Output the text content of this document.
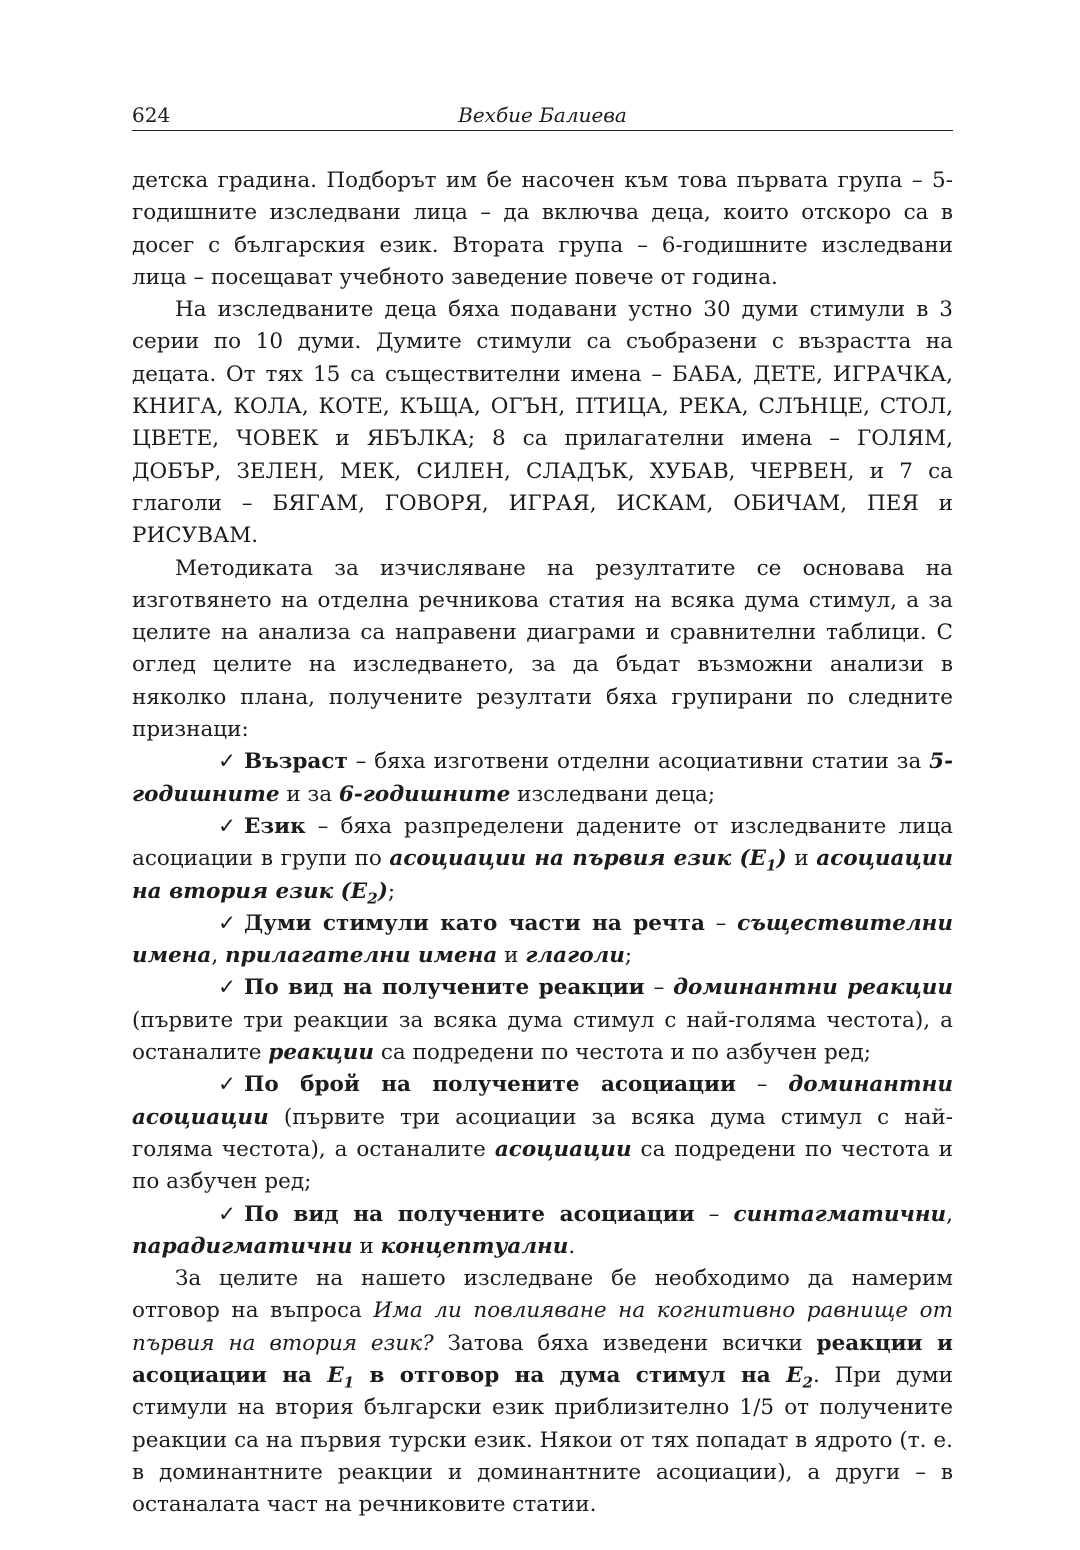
624	Вехбие Балиева

детска градина. Подборът им бе насочен към това първата група – 5-годишните изследвани лица – да включва деца, които отскоро са в досег с българския език. Втората група – 6-годишните изследвани лица – посещават учебното заведение повече от година.

На изследваните деца бяха подавани устно 30 думи стимули в 3 серии по 10 думи. Думите стимули са съобразени с възрастта на децата. От тях 15 са съществителни имена – БАБА, ДЕТЕ, ИГРАЧКА, КНИГА, КОЛА, КОТЕ, КЪЩА, ОГЪН, ПТИЦА, РЕКА, СЛЪНЦЕ, СТОЛ, ЦВЕТЕ, ЧОВЕК и ЯБЪЛКА; 8 са прилагателни имена – ГОЛЯМ, ДОБЪР, ЗЕЛЕН, МЕК, СИЛЕН, СЛАДЪК, ХУБАВ, ЧЕРВЕН, и 7 са глаголи – БЯГАМ, ГОВОРЯ, ИГРАЯ, ИСКАМ, ОБИЧАМ, ПЕЯ и РИСУВАМ.

Методиката за изчисляване на резултатите се основава на изготвянето на отделна речникова статия на всяка дума стимул, а за целите на анализа са направени диаграми и сравнителни таблици. С оглед целите на изследването, за да бъдат възможни анализи в няколко плана, получените резултати бяха групирани по следните признаци:

✓ Възраст – бяха изготвени отделни асоциативни статии за 5-годишните и за 6-годишните изследвани деца;

✓ Език – бяха разпределени дадените от изследваните лица асоциации в групи по асоциации на първия език $(E_1)$ и асоциации на втория език $(E_2)$;

✓ Думи стимули като части на речта – съществителни имена, прилагателни имена и глаголи;

✓ По вид на получените реакции – доминантни реакции (първите три реакции за всяка дума стимул с най-голяма честота), а останалите реакции са подредени по честота и по азбучен ред;

✓ По брой на получените асоциации – доминантни асоциации (първите три асоциации за всяка дума стимул с най-голяма честота), а останалите асоциации са подредени по честота и по азбучен ред;

✓ По вид на получените асоциации – синтагматични, парадигматични и концептуални.

За целите на нашето изследване бе необходимо да намерим отговор на въпроса Има ли повлияване на когнитивно равнище от първия на втория език? Затова бяха изведени всички реакции и асоциации на $E_1$ в отговор на дума стимул на $E_2$. При думи стимули на втория български език приблизително 1/5 от получените реакции са на първия турски език. Някои от тях попадат в ядрото (т. е. в доминантните реакции и доминантните асоциации), а други – в останалата част на речниковите статии.
